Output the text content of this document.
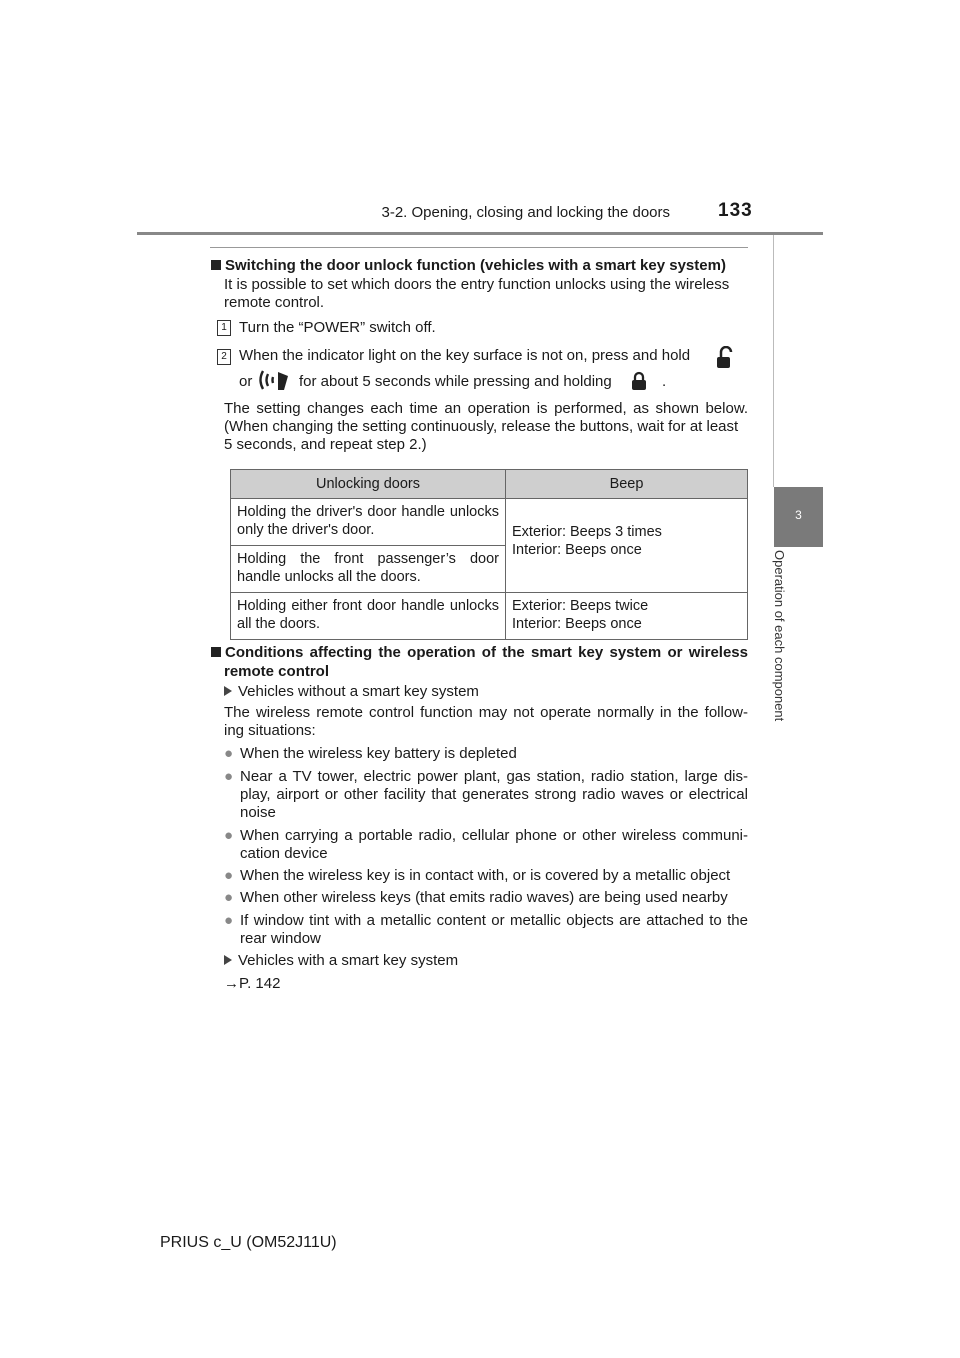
3-2. Opening, closing and locking the doors	133
3
Operation of each component
Switching the door unlock function (vehicles with a smart key system)
It is possible to set which doors the entry function unlocks using the wireless
remote control.
1 Turn the “POWER” switch off.
2 When the indicator light on the key surface is not on, press and hold
or	for about 5 seconds while pressing and holding	.
The setting changes each time an operation is performed, as shown below.
(When changing the setting continuously, release the buttons, wait for at least
5 seconds, and repeat step 2.)
Unlocking doors	Beep
Holding the driver's door handle unlocks only the driver's door.	Exterior: Beeps 3 times
Interior: Beeps once

Holding the front passenger’s door handle unlocks all the doors.	
Holding either front door handle unlocks all the doors.	Exterior: Beeps twice
Interior: Beeps once
Conditions affecting the operation of the smart key system or wireless
remote control
Vehicles without a smart key system
The wireless remote control function may not operate normally in the follow-
ing situations:
● When the wireless key battery is depleted
● Near a TV tower, electric power plant, gas station, radio station, large dis-
play, airport or other facility that generates strong radio waves or electrical
noise
● When carrying a portable radio, cellular phone or other wireless communi-
cation device
● When the wireless key is in contact with, or is covered by a metallic object
● When other wireless keys (that emits radio waves) are being used nearby
● If window tint with a metallic content or metallic objects are attached to the
rear window
Vehicles with a smart key system
→P. 142
PRIUS c_U (OM52J11U)
